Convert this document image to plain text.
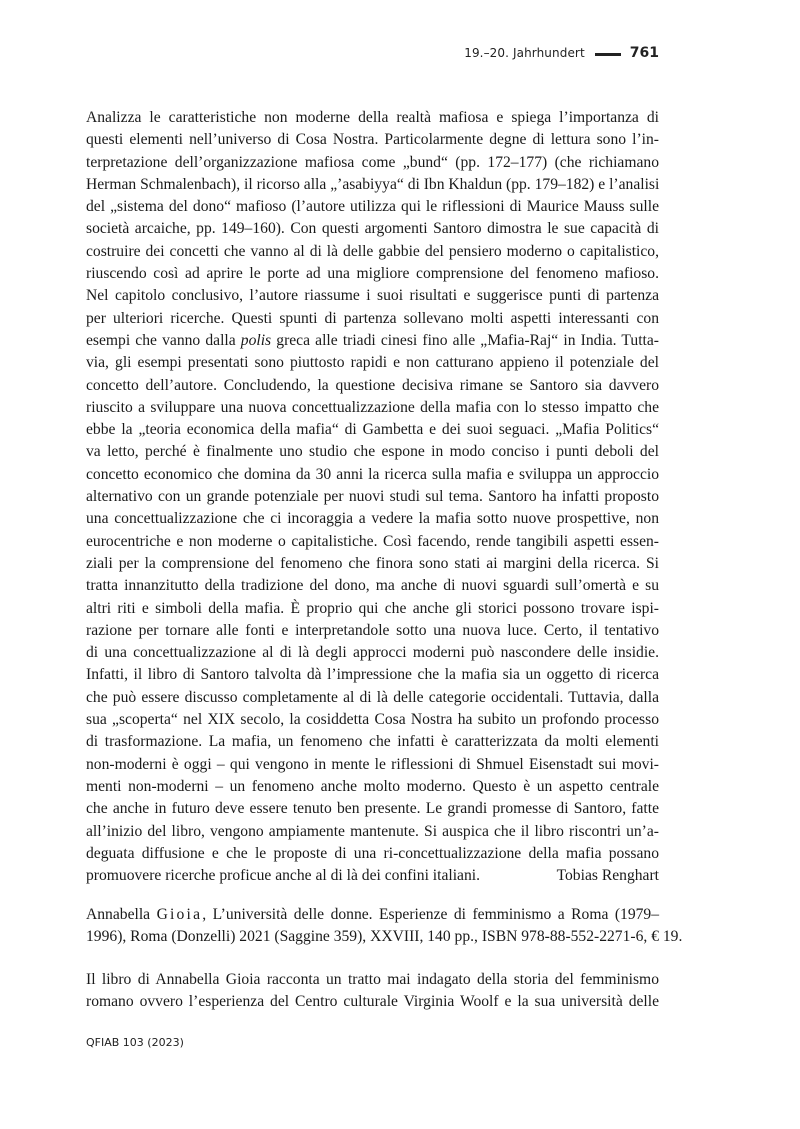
19.–20. Jahrhundert	761
Analizza le caratteristiche non moderne della realtà mafiosa e spiega l’importanza di
questi elementi nell’universo di Cosa Nostra. Particolarmente degne di lettura sono l’in-
terpretazione dell’organizzazione mafiosa come „bund“ (pp. 172–177) (che richiamano
Herman Schmalenbach), il ricorso alla „’asabiyya“ di Ibn Khaldun (pp. 179–182) e l’analisi
del „sistema del dono“ mafioso (l’autore utilizza qui le riflessioni di Maurice Mauss sulle
società arcaiche, pp. 149–160). Con questi argomenti Santoro dimostra le sue capacità di
costruire dei concetti che vanno al di là delle gabbie del pensiero moderno o capitalistico,
riuscendo così ad aprire le porte ad una migliore comprensione del fenomeno mafioso.
Nel capitolo conclusivo, l’autore riassume i suoi risultati e suggerisce punti di partenza
per ulteriori ricerche. Questi spunti di partenza sollevano molti aspetti interessanti con
esempi che vanno dalla polis greca alle triadi cinesi fino alle „Mafia-Raj“ in India. Tutta-
via, gli esempi presentati sono piuttosto rapidi e non catturano appieno il potenziale del
concetto dell’autore. Concludendo, la questione decisiva rimane se Santoro sia davvero
riuscito a sviluppare una nuova concettualizzazione della mafia con lo stesso impatto che
ebbe la „teoria economica della mafia“ di Gambetta e dei suoi seguaci. „Mafia Politics“
va letto, perché è finalmente uno studio che espone in modo conciso i punti deboli del
concetto economico che domina da 30 anni la ricerca sulla mafia e sviluppa un approccio
alternativo con un grande potenziale per nuovi studi sul tema. Santoro ha infatti proposto
una concettualizzazione che ci incoraggia a vedere la mafia sotto nuove prospettive, non
eurocentriche e non moderne o capitalistiche. Così facendo, rende tangibili aspetti essen-
ziali per la comprensione del fenomeno che finora sono stati ai margini della ricerca. Si
tratta innanzitutto della tradizione del dono, ma anche di nuovi sguardi sull’omertà e su
altri riti e simboli della mafia. È proprio qui che anche gli storici possono trovare ispi-
razione per tornare alle fonti e interpretandole sotto una nuova luce. Certo, il tentativo
di una concettualizzazione al di là degli approcci moderni può nascondere delle insidie.
Infatti, il libro di Santoro talvolta dà l’impressione che la mafia sia un oggetto di ricerca
che può essere discusso completamente al di là delle categorie occidentali. Tuttavia, dalla
sua „scoperta“ nel XIX secolo, la cosiddetta Cosa Nostra ha subito un profondo processo
di trasformazione. La mafia, un fenomeno che infatti è caratterizzata da molti elementi
non-moderni è oggi – qui vengono in mente le riflessioni di Shmuel Eisenstadt sui movi-
menti non-moderni – un fenomeno anche molto moderno. Questo è un aspetto centrale
che anche in futuro deve essere tenuto ben presente. Le grandi promesse di Santoro, fatte
all’inizio del libro, vengono ampiamente mantenute. Si auspica che il libro riscontri un’a-
deguata diffusione e che le proposte di una ri-concettualizzazione della mafia possano
promuovere ricerche proficue anche al di là dei confini italiani.	Tobias Renghart
Annabella Gioia, L’università delle donne. Esperienze di femminismo a Roma (1979–
1996), Roma (Donzelli) 2021 (Saggine 359), XXVIII, 140 pp., ISBN 978-88-552-2271-6, € 19.
Il libro di Annabella Gioia racconta un tratto mai indagato della storia del femminismo
romano ovvero l’esperienza del Centro culturale Virginia Woolf e la sua università delle
QFIAB 103 (2023)
